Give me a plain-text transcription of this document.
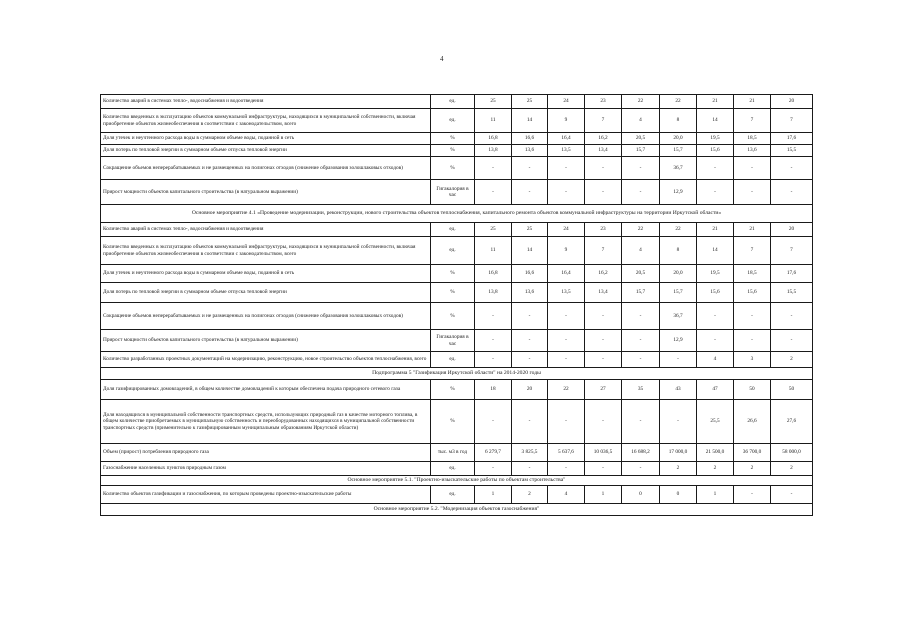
4
Количество аварий в системах тепло-, водоснабжения и водоотведения	ед.	25	25	24	23	22	22	21	21	20
Количество введенных в эксплуатацию объектов коммунальной инфраструктуры, находящихся в муниципальной собственности, включая приобретение объектов жизнеобеспечения в соответствии с законодательством, всего	ед.	11	14	9	7	4	8	14	7	7
Доля утечек и неучтенного расхода воды в суммарном объеме воды, поданной в сеть	%	16,8	16,6	16,4	16,2	20,5	20,0	19,5	18,5	17,6
Доля потерь по тепловой энергии в суммарном объеме отпуска тепловой энергии	%	13,8	13,6	13,5	13,4	15,7	15,7	15,6	13,6	15,5
Сокращение объемов неперерабатываемых и не размещенных на полигонах отходов (снижение образования золошлаковых отходов)	%	-	-	-	-	-	36,7	-	-	-
Прирост мощности объектов капитального строительства (в натуральном выражении)	Гигакалория в час	-	-	-	-	-	12,9	-	-	-
Основное мероприятие 4.1 «Проведение модернизации, реконструкции, нового строительства объектов теплоснабжения, капитального ремонта объектов коммунальной инфраструктуры на территории Иркутской области»										
Количество аварий в системах тепло-, водоснабжения и водоотведения	ед.	25	25	24	23	22	22	21	21	20
Количество введенных в эксплуатацию объектов коммунальной инфраструктуры, находящихся в муниципальной собственности, включая приобретение объектов жизнеобеспечения в соответствии с законодательством, всего	ед.	11	14	9	7	4	8	14	7	7
Доля утечек и неучтенного расхода воды в суммарном объеме воды, поданной в сеть	%	16,8	16,6	16,4	16,2	20,5	20,0	19,5	18,5	17,6
Доля потерь по тепловой энергии в суммарном объеме отпуска тепловой энергии	%	13,8	13,6	13,5	13,4	15,7	15,7	15,6	15,6	15,5
Сокращение объемов неперерабатываемых и не размещенных на полигонах отходов (снижение образования золошлаковых отходов)	%	-	-	-	-	-	36,7	-	-	-
Прирост мощности объектов капитального строительства (в натуральном выражении)	Гигакалория в час	-	-	-	-	-	12,9	-	-	-
Количество разработанных проектных документаций на модернизацию, реконструкцию, новое строительство объектов теплоснабжения, всего	ед.	-	-	-	-	-	-	4	3	2
Подпрограмма 5 "Газификация Иркутской области" на 2014-2020 годы										
Доля газифицированных домовладений, в общем количестве домовладений к которым обеспечена подача природного сетевого газа	%	18	20	22	27	35	43	47	50	50
Доля находящихся в муниципальной собственности транспортных средств, использующих природный газ в качестве моторного топлива, в общем количестве приобретаемых в муниципальную собственность и переоборудованных находящихся в муниципальной собственности транспортных средств (применительно к газифицированным муниципальным образованиям Иркутской области)	%	-	-	-	-	-	-	25,5	26,6	27,6
Объем (прирост) потребления природного газа	тыс. м3 в год	6 279,7	3 825,5	5 637,6	10 036,5	16 688,2	17 000,0	21 500,0	36 700,0	58 000,0
Газоснабжение населенных пунктов природным газом	ед.	-	-	-	-	-	2	2	2	2
Основное мероприятие 5.1. "Проектно-изыскательские работы по объектам строительства"										
Количество объектов газификации и газоснабжения, по которым проведены проектно-изыскательские работы	ед.	1	2	4	1	0	0	1	-	-
Основное мероприятие 5.2. "Модернизация объектов газоснабжения"										
